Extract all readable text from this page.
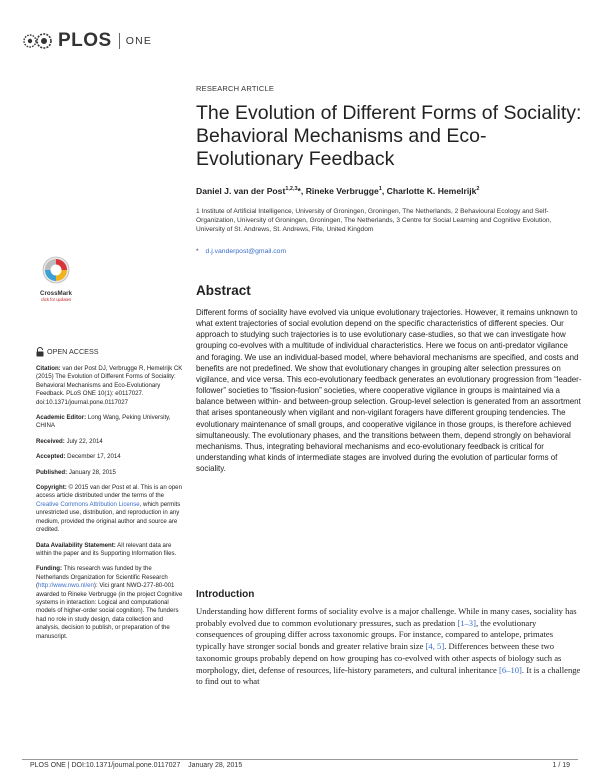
PLOS ONE
RESEARCH ARTICLE
The Evolution of Different Forms of Sociality: Behavioral Mechanisms and Eco-Evolutionary Feedback
Daniel J. van der Post$^{1,2,3}$*, Rineke Verbrugge$^1$, Charlotte K. Hemelrijk$^2$
1 Institute of Artificial Intelligence, University of Groningen, Groningen, The Netherlands, 2 Behavioural Ecology and Self-Organization, University of Groningen, Groningen, The Netherlands, 3 Centre for Social Learning and Cognitive Evolution, University of St. Andrews, St. Andrews, Fife, United Kingdom
* d.j.vanderpost@gmail.com
CrossMark
click for updates
Abstract

Different forms of sociality have evolved via unique evolutionary trajectories. However, it remains unknown to what extent trajectories of social evolution depend on the specific characteristics of different species. Our approach to studying such trajectories is to use evolutionary case-studies, so that we can investigate how grouping co-evolves with a multitude of individual characteristics. Here we focus on anti-predator vigilance and foraging. We use an individual-based model, where behavioral mechanisms are specified, and costs and benefits are not predefined. We show that evolutionary changes in grouping alter selection pressures on vigilance, and vice versa. This eco-evolutionary feedback generates an evolutionary progression from “leader-follower” societies to “fission-fusion” societies, where cooperative vigilance in groups is maintained via a balance between within- and between-group selection. Group-level selection is generated from an assortment that arises spontaneously when vigilant and non-vigilant foragers have different grouping tendencies. The evolutionary maintenance of small groups, and cooperative vigilance in those groups, is therefore achieved simultaneously. The evolutionary phases, and the transitions between them, depend strongly on behavioral mechanisms. Thus, integrating behavioral mechanisms and eco-evolutionary feedback is critical for understanding what kinds of intermediate stages are involved during the evolution of particular forms of sociality.

OPEN ACCESS
Citation: van der Post DJ, Verbrugge R, Hemelrijk CK (2015) The Evolution of Different Forms of Sociality: Behavioral Mechanisms and Eco-Evolutionary Feedback. PLoS ONE 10(1): e0117027. doi:10.1371/journal.pone.0117027
Academic Editor: Long Wang, Peking University, CHINA
Received: July 22, 2014
Accepted: December 17, 2014
Published: January 28, 2015
Copyright: © 2015 van der Post et al. This is an open access article distributed under the terms of the Creative Commons Attribution License, which permits unrestricted use, distribution, and reproduction in any medium, provided the original author and source are credited.
Data Availability Statement: All relevant data are within the paper and its Supporting Information files.
Funding: This research was funded by the Netherlands Organization for Scientific Research (http://www.nwo.nl/en): Vici grant NWO-277-80-001 awarded to Rineke Verbrugge (in the project Cognitive systems in interaction: Logical and computational models of higher-order social cognition). The funders had no role in study design, data collection and analysis, decision to publish, or preparation of the manuscript.
Introduction

Understanding how different forms of sociality evolve is a major challenge. While in many cases, sociality has probably evolved due to common evolutionary pressures, such as predation [1–3], the evolutionary consequences of grouping differ across taxonomic groups. For instance, compared to antelope, primates typically have stronger social bonds and greater relative brain size [4, 5]. Differences between these two taxonomic groups probably depend on how grouping has co-evolved with other aspects of biology such as morphology, diet, defense of resources, life-history parameters, and cultural inheritance [6–10]. It is a challenge to find out to what

PLOS ONE | DOI:10.1371/journal.pone.0117027    January 28, 2015	1 / 19
